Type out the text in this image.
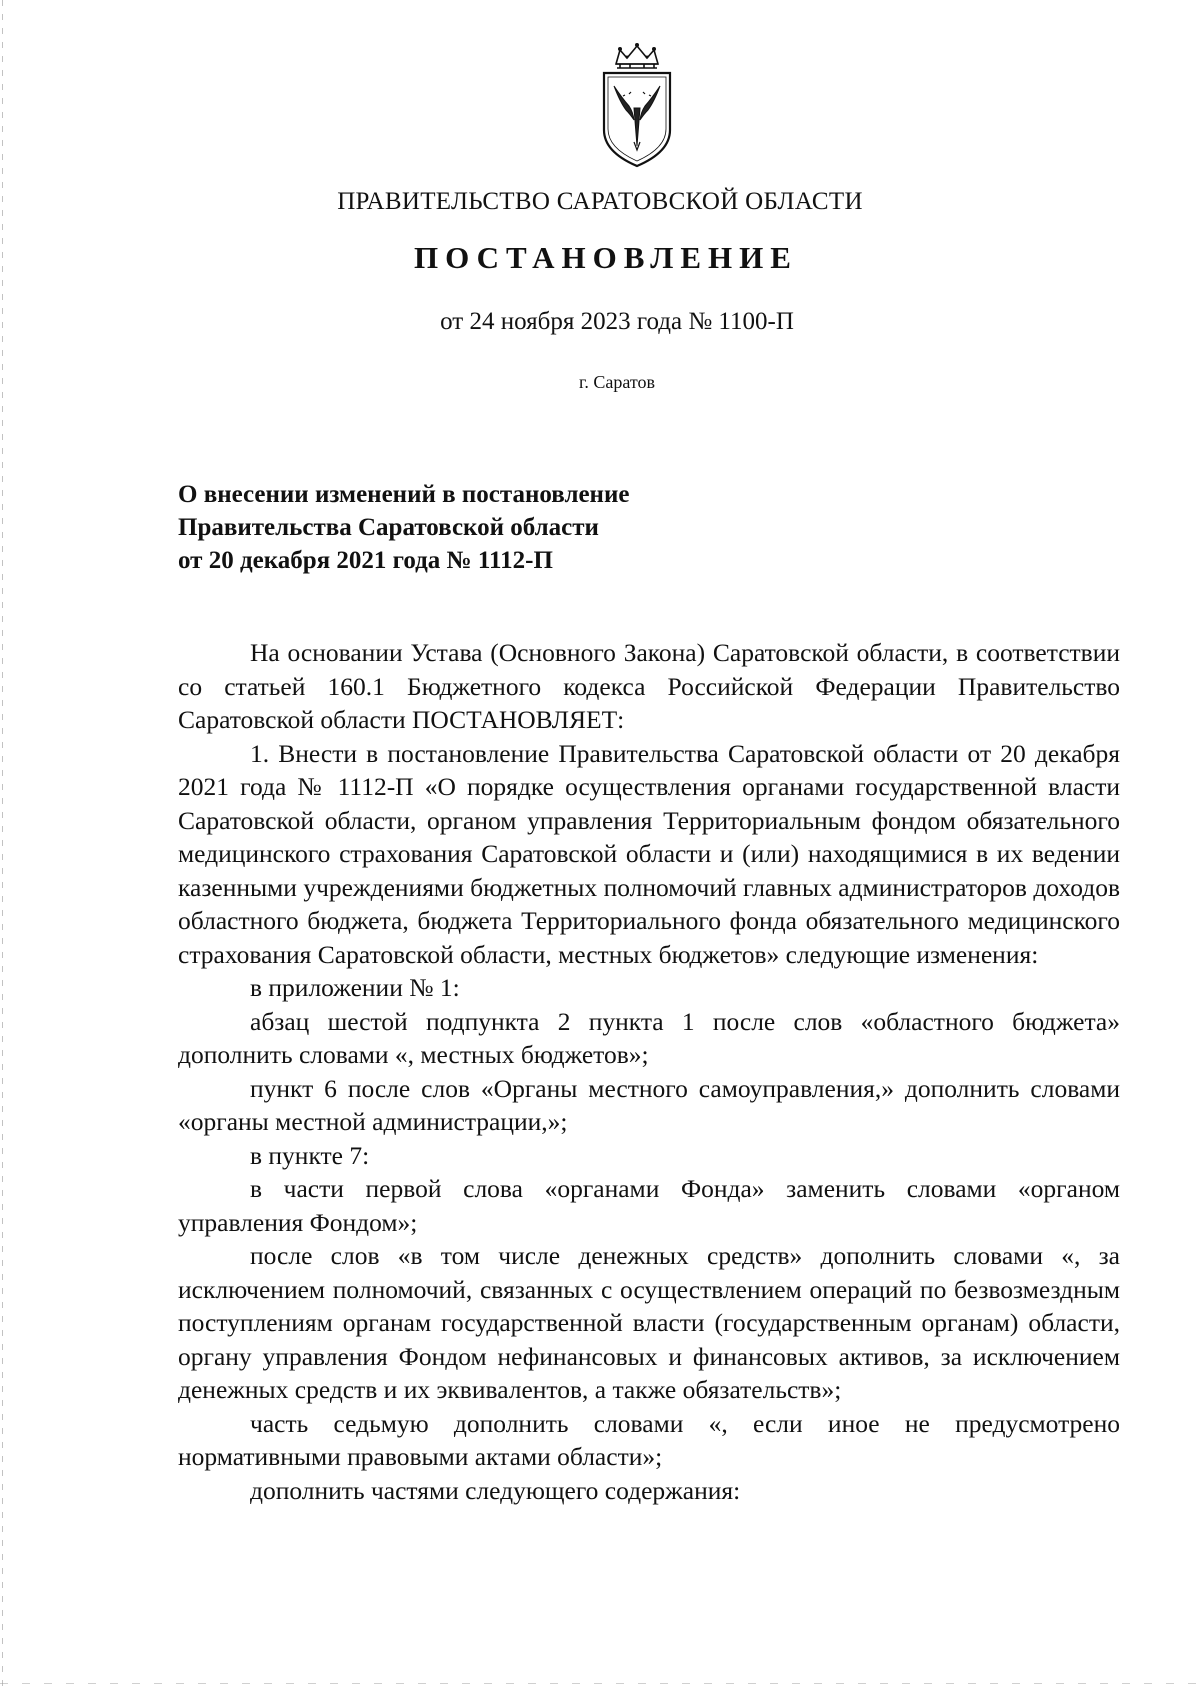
ПРАВИТЕЛЬСТВО САРАТОВСКОЙ ОБЛАСТИ
ПОСТАНОВЛЕНИЕ
от 24 ноября 2023 года № 1100-П
г. Саратов
О внесении изменений в постановление
Правительства Саратовской области
от 20 декабря 2021 года № 1112-П

На основании Устава (Основного Закона) Саратовской области, в соответствии со статьей 160.1 Бюджетного кодекса Российской Федерации Правительство Саратовской области ПОСТАНОВЛЯЕТ:

1. Внести в постановление Правительства Саратовской области от 20 декабря 2021 года № 1112-П «О порядке осуществления органами государственной власти Саратовской области, органом управления Территориальным фондом обязательного медицинского страхования Саратовской области и (или) находящимися в их ведении казенными учреждениями бюджетных полномочий главных администраторов доходов областного бюджета, бюджета Территориального фонда обязательного медицинского страхования Саратовской области, местных бюджетов» следующие изменения:

в приложении № 1:

абзац шестой подпункта 2 пункта 1 после слов «областного бюджета» дополнить словами «, местных бюджетов»;

пункт 6 после слов «Органы местного самоуправления,» дополнить словами «органы местной администрации,»;

в пункте 7:

в части первой слова «органами Фонда» заменить словами «органом управления Фондом»;

после слов «в том числе денежных средств» дополнить словами «, за исключением полномочий, связанных с осуществлением операций по безвозмездным поступлениям органам государственной власти (государственным органам) области, органу управления Фондом нефинансовых и финансовых активов, за исключением денежных средств и их эквивалентов, а также обязательств»;

часть седьмую дополнить словами «, если иное не предусмотрено нормативными правовыми актами области»;

дополнить частями следующего содержания:
